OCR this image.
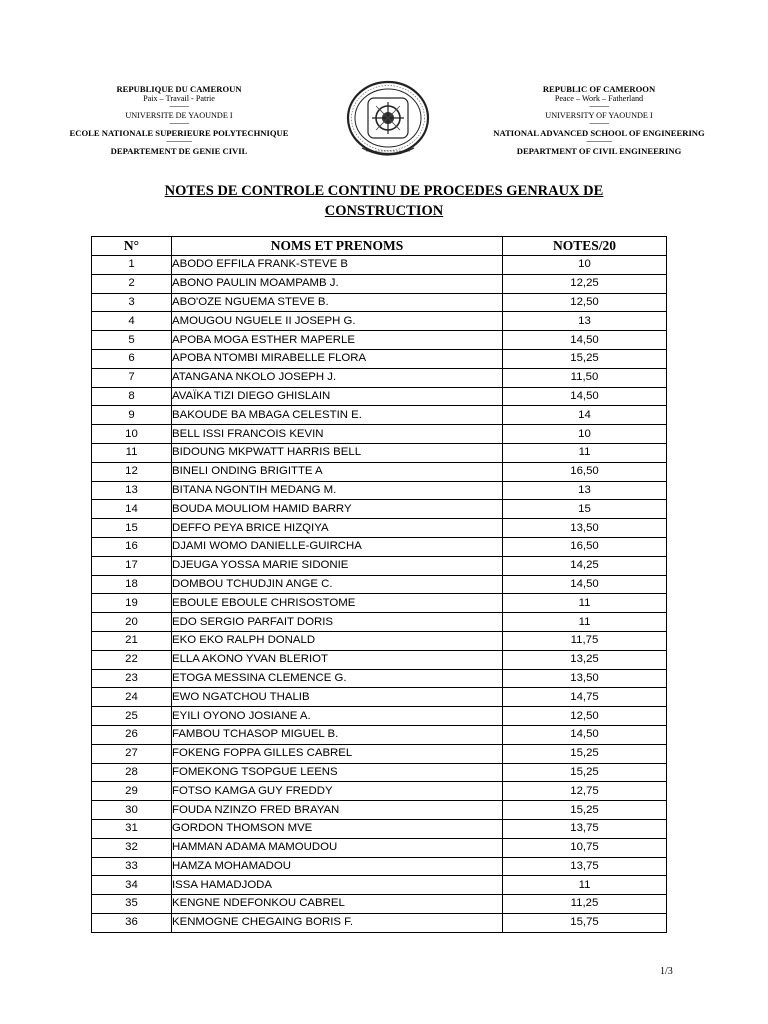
REPUBLIQUE DU CAMEROUN
Paix – Travail - Patrie
-------------
UNIVERSITE DE YAOUNDE I
-------------
ECOLE NATIONALE SUPERIEURE POLYTECHNIQUE
-----------------
DEPARTEMENT DE GENIE CIVIL
REPUBLIC OF CAMEROON
Peace – Work – Fatherland
-------------
UNIVERSITY OF YAOUNDE I
-------------
NATIONAL ADVANCED SCHOOL OF ENGINEERING
-----------------
DEPARTMENT OF CIVIL ENGINEERING
NOTES DE CONTROLE CONTINU DE PROCEDES GENRAUX DE
CONSTRUCTION
N°	NOMS ET PRENOMS	NOTES/20
1	ABODO EFFILA FRANK-STEVE B	10
2	ABONO PAULIN MOAMPAMB J.	12,25
3	ABO'OZE NGUEMA STEVE B.	12,50
4	AMOUGOU NGUELE II JOSEPH G.	13
5	APOBA MOGA ESTHER MAPERLE	14,50
6	APOBA NTOMBI MIRABELLE FLORA	15,25
7	ATANGANA NKOLO JOSEPH J.	11,50
8	AVAÏKA TIZI DIEGO GHISLAIN	14,50
9	BAKOUDE BA MBAGA CELESTIN E.	14
10	BELL ISSI FRANCOIS KEVIN	10
11	BIDOUNG MKPWATT HARRIS BELL	11
12	BINELI ONDING BRIGITTE A	16,50
13	BITANA NGONTIH MEDANG M.	13
14	BOUDA MOULIOM HAMID BARRY	15
15	DEFFO PEYA BRICE HIZQIYA	13,50
16	DJAMI WOMO DANIELLE-GUIRCHA	16,50
17	DJEUGA YOSSA MARIE SIDONIE	14,25
18	DOMBOU TCHUDJIN ANGE C.	14,50
19	EBOULE EBOULE CHRISOSTOME	11
20	EDO SERGIO PARFAIT DORIS	11
21	EKO EKO RALPH DONALD	11,75
22	ELLA AKONO YVAN BLERIOT	13,25
23	ETOGA MESSINA CLEMENCE G.	13,50
24	EWO NGATCHOU THALIB	14,75
25	EYILI OYONO JOSIANE A.	12,50
26	FAMBOU TCHASOP MIGUEL B.	14,50
27	FOKENG FOPPA GILLES CABREL	15,25
28	FOMEKONG TSOPGUE LEENS	15,25
29	FOTSO KAMGA GUY FREDDY	12,75
30	FOUDA NZINZO FRED BRAYAN	15,25
31	GORDON THOMSON MVE	13,75
32	HAMMAN ADAMA MAMOUDOU	10,75
33	HAMZA MOHAMADOU	13,75
34	ISSA HAMADJODA	11
35	KENGNE NDEFONKOU CABREL	11,25
36	KENMOGNE CHEGAING BORIS F.	15,75
1/3
